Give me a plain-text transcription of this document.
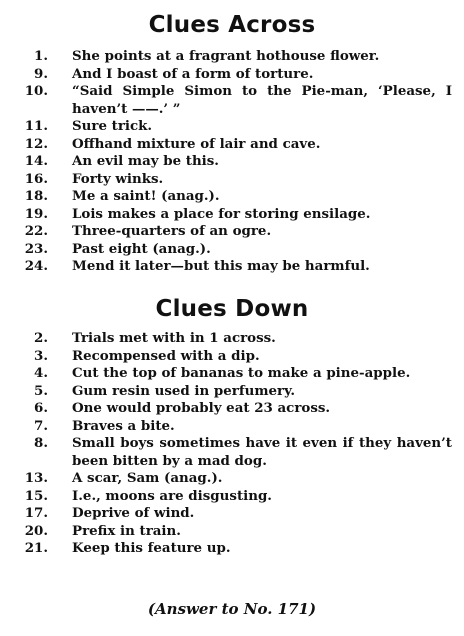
Clues Across
1. She points at a fragrant hothouse flower.
9. And I boast of a form of torture.
10. “Said Simple Simon to the Pie-man, ‘Please, I haven’t ——.’ ”
11. Sure trick.
12. Offhand mixture of lair and cave.
14. An evil may be this.
16. Forty winks.
18. Me a saint! (anag.).
19. Lois makes a place for storing ensilage.
22. Three-quarters of an ogre.
23. Past eight (anag.).
24. Mend it later—but this may be harmful.
Clues Down
2. Trials met with in 1 across.
3. Recompensed with a dip.
4. Cut the top of bananas to make a pine-apple.
5. Gum resin used in perfumery.
6. One would probably eat 23 across.
7. Braves a bite.
8. Small boys sometimes have it even if they haven’t been bitten by a mad dog.
13. A scar, Sam (anag.).
15. I.e., moons are disgusting.
17. Deprive of wind.
20. Prefix in train.
21. Keep this feature up.

(Answer to No. 171)
